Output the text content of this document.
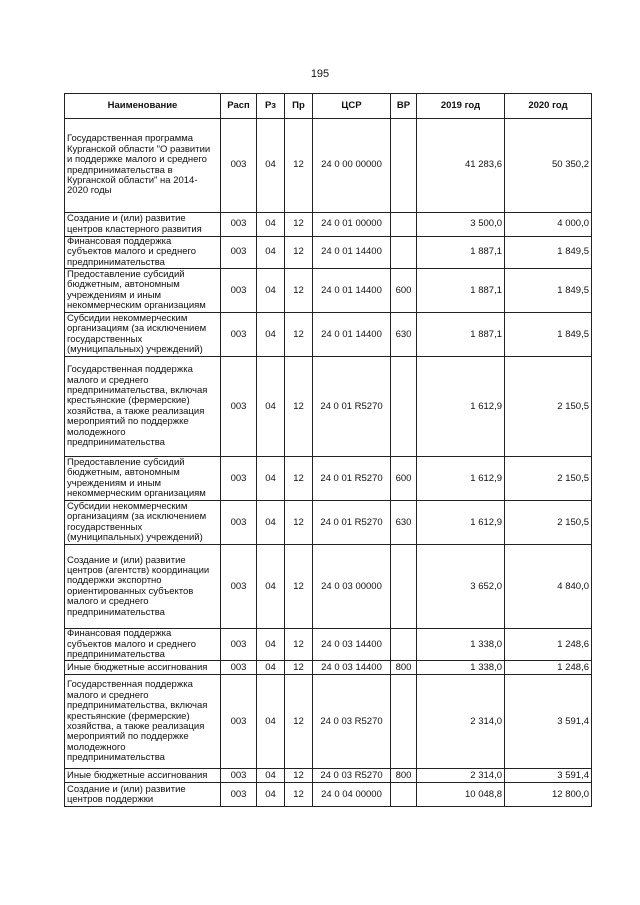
195
Наименование	Расп	Рз	Пр	ЦСР	ВР	2019 год	2020 год
Государственная программа Курганской области "О развитии и поддержке малого и среднего предпринимательства в Курганской области" на 2014-2020 годы	003	04	12	24 0 00 00000		41 283,6	50 350,2
Создание и (или) развитие центров кластерного развития	003	04	12	24 0 01 00000		3 500,0	4 000,0
Финансовая поддержка субъектов малого и среднего предпринимательства	003	04	12	24 0 01 14400		1 887,1	1 849,5
Предоставление субсидий бюджетным, автономным учреждениям и иным некоммерческим организациям	003	04	12	24 0 01 14400	600	1 887,1	1 849,5
Субсидии некоммерческим организациям (за исключением государственных (муниципальных) учреждений)	003	04	12	24 0 01 14400	630	1 887,1	1 849,5
Государственная поддержка малого и среднего предпринимательства, включая крестьянские (фермерские) хозяйства, а также реализация мероприятий по поддержке молодежного предпринимательства	003	04	12	24 0 01 R5270		1 612,9	2 150,5
Предоставление субсидий бюджетным, автономным учреждениям и иным некоммерческим организациям	003	04	12	24 0 01 R5270	600	1 612,9	2 150,5
Субсидии некоммерческим организациям (за исключением государственных (муниципальных) учреждений)	003	04	12	24 0 01 R5270	630	1 612,9	2 150,5
Создание и (или) развитие центров (агентств) координации поддержки экспортно ориентированных субъектов малого и среднего предпринимательства	003	04	12	24 0 03 00000		3 652,0	4 840,0
Финансовая поддержка субъектов малого и среднего предпринимательства	003	04	12	24 0 03 14400		1 338,0	1 248,6
Иные бюджетные ассигнования	003	04	12	24 0 03 14400	800	1 338,0	1 248,6
Государственная поддержка малого и среднего предпринимательства, включая крестьянские (фермерские) хозяйства, а также реализация мероприятий по поддержке молодежного предпринимательства	003	04	12	24 0 03 R5270		2 314,0	3 591,4
Иные бюджетные ассигнования	003	04	12	24 0 03 R5270	800	2 314,0	3 591,4
Создание и (или) развитие центров поддержки	003	04	12	24 0 04 00000		10 048,8	12 800,0
